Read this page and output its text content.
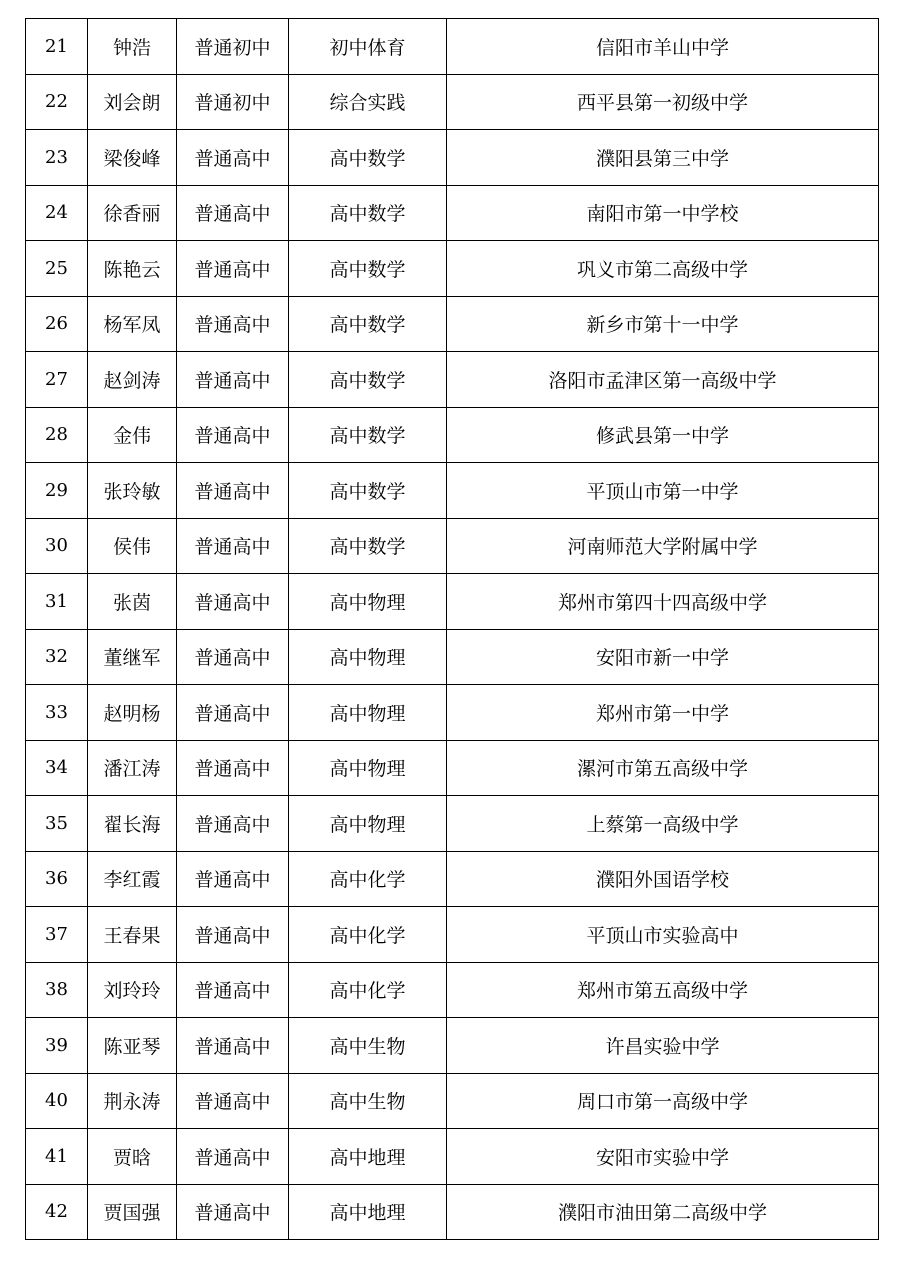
21	钟浩	普通初中	初中体育	信阳市羊山中学
22	刘会朗	普通初中	综合实践	西平县第一初级中学
23	梁俊峰	普通高中	高中数学	濮阳县第三中学
24	徐香丽	普通高中	高中数学	南阳市第一中学校
25	陈艳云	普通高中	高中数学	巩义市第二高级中学
26	杨军凤	普通高中	高中数学	新乡市第十一中学
27	赵剑涛	普通高中	高中数学	洛阳市孟津区第一高级中学
28	金伟	普通高中	高中数学	修武县第一中学
29	张玲敏	普通高中	高中数学	平顶山市第一中学
30	侯伟	普通高中	高中数学	河南师范大学附属中学
31	张茵	普通高中	高中物理	郑州市第四十四高级中学
32	董继军	普通高中	高中物理	安阳市新一中学
33	赵明杨	普通高中	高中物理	郑州市第一中学
34	潘江涛	普通高中	高中物理	漯河市第五高级中学
35	翟长海	普通高中	高中物理	上蔡第一高级中学
36	李红霞	普通高中	高中化学	濮阳外国语学校
37	王春果	普通高中	高中化学	平顶山市实验高中
38	刘玲玲	普通高中	高中化学	郑州市第五高级中学
39	陈亚琴	普通高中	高中生物	许昌实验中学
40	荆永涛	普通高中	高中生物	周口市第一高级中学
41	贾晗	普通高中	高中地理	安阳市实验中学
42	贾国强	普通高中	高中地理	濮阳市油田第二高级中学
